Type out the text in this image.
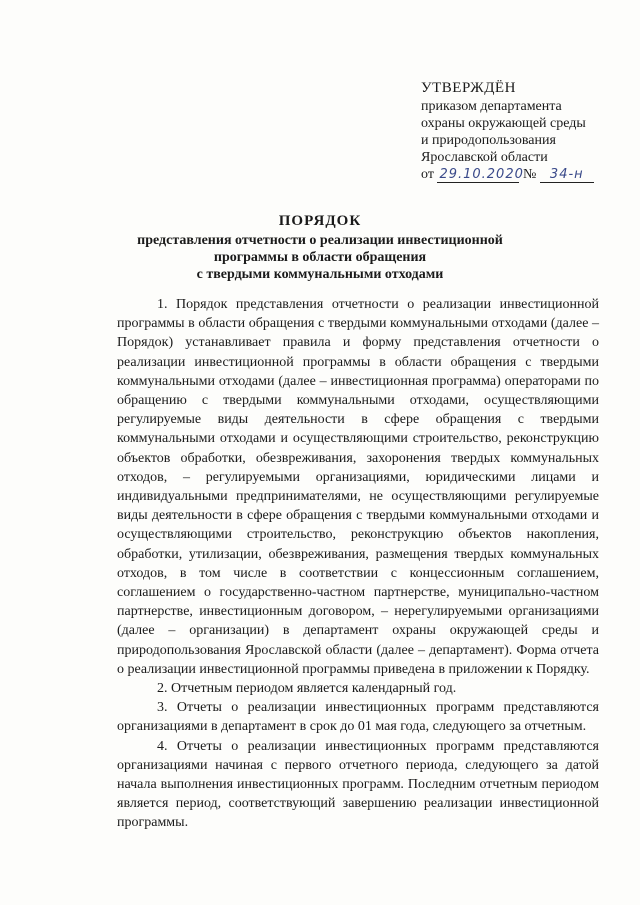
УТВЕРЖДЁН
приказом департамента
охраны окружающей среды
и природопользования
Ярославской области
от 29.10.2020 № 34-н
ПОРЯДОК
представления отчетности о реализации инвестиционной
программы в области обращения
с твердыми коммунальными отходами

1. Порядок представления отчетности о реализации инвестиционной программы в области обращения с твердыми коммунальными отходами (далее – Порядок) устанавливает правила и форму представления отчетности о реализации инвестиционной программы в области обращения с твердыми коммунальными отходами (далее – инвестиционная программа) операторами по обращению с твердыми коммунальными отходами, осуществляющими регулируемые виды деятельности в сфере обращения с твердыми коммунальными отходами и осуществляющими строительство, реконструкцию объектов обработки, обезвреживания, захоронения твердых коммунальных отходов, – регулируемыми организациями, юридическими лицами и индивидуальными предпринимателями, не осуществляющими регулируемые виды деятельности в сфере обращения с твердыми коммунальными отходами и осуществляющими строительство, реконструкцию объектов накопления, обработки, утилизации, обезвреживания, размещения твердых коммунальных отходов, в том числе в соответствии с концессионным соглашением, соглашением о государственно-частном партнерстве, муниципально-частном партнерстве, инвестиционным договором, – нерегулируемыми организациями (далее – организации) в департамент охраны окружающей среды и природопользования Ярославской области (далее – департамент). Форма отчета о реализации инвестиционной программы приведена в приложении к Порядку.

2. Отчетным периодом является календарный год.

3. Отчеты о реализации инвестиционных программ представляются организациями в департамент в срок до 01 мая года, следующего за отчетным.

4. Отчеты о реализации инвестиционных программ представляются организациями начиная с первого отчетного периода, следующего за датой начала выполнения инвестиционных программ. Последним отчетным периодом является период, соответствующий завершению реализации инвестиционной программы.
